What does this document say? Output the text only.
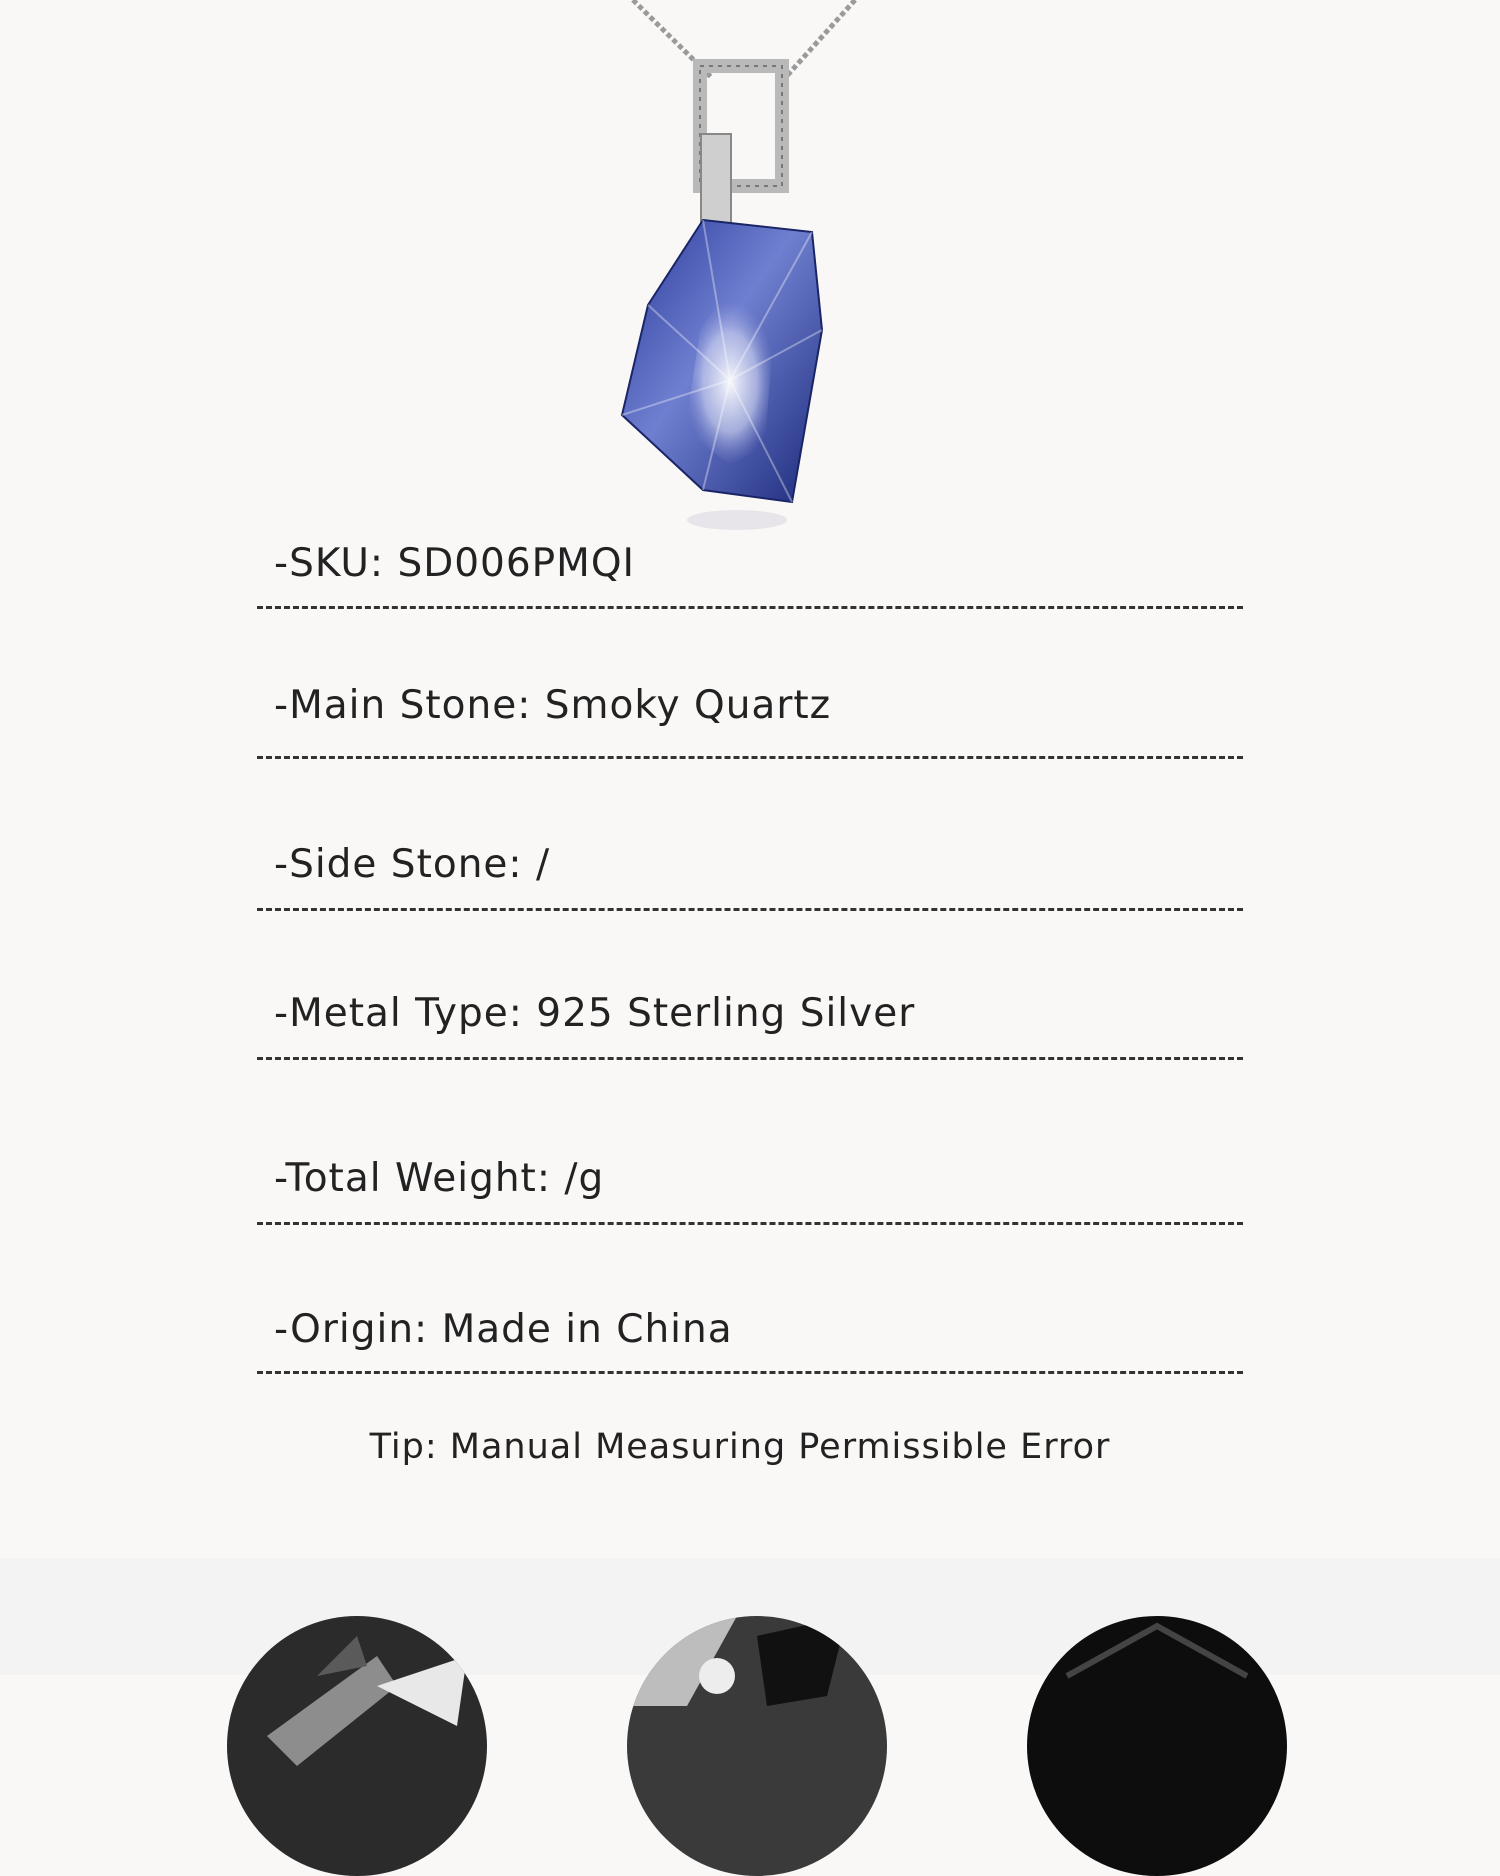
-SKU: SD006PMQI
-Main Stone: Smoky Quartz
-Side Stone: /
-Metal Type: 925 Sterling Silver
-Total Weight: /g
-Origin: Made in China
Tip: Manual Measuring Permissible Error
